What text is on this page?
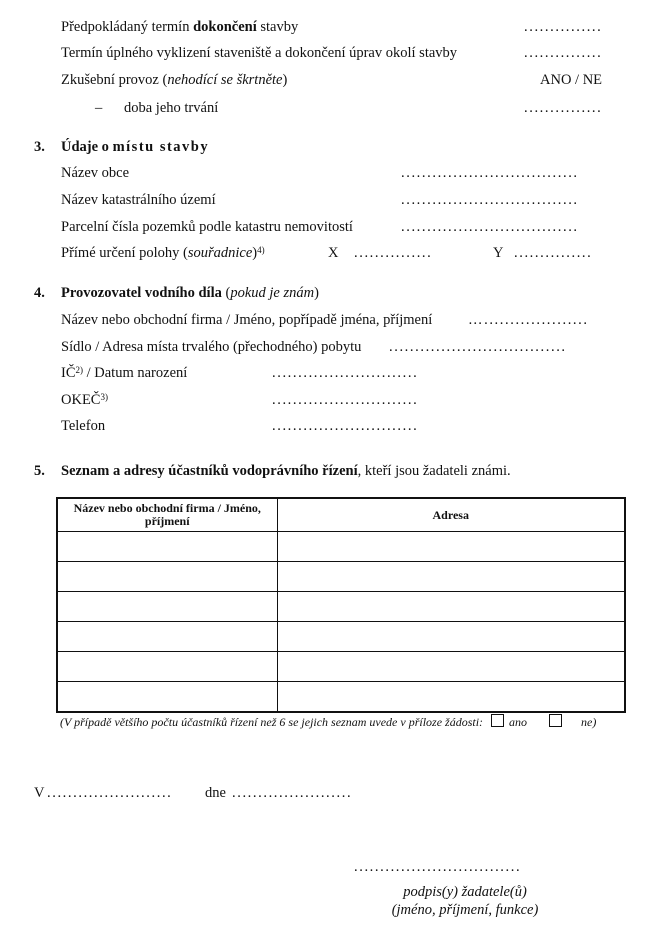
Předpokládaný termín dokončení stavby	...............
Termín úplného vyklizení staveniště a dokončení úprav okolí stavby	...............
Zkušební provoz (nehodící se škrtněte)	ANO / NE
– doba jeho trvání	...............
3. Údaje o místu stavby
Název obce	..................................
Název katastrálního území	..................................
Parcelní čísla pozemků podle katastru nemovitostí	..................................
Přímé určení polohy (souřadnice)$^{4)}$	X ...............	Y ...............
4. Provozovatel vodního díla (pokud je znám)
Název nebo obchodní firma / Jméno, popřípadě jména, příjmení …....................
Sídlo / Adresa místa trvalého (přechodného) pobytu ..................................
IČ$^{2)}$ / Datum narození	............................
OKEČ$^{3)}$	............................
Telefon	............................
5. Seznam a adresy účastníků vodoprávního řízení, kteří jsou žadateli známi.
Název nebo obchodní firma / Jméno, příjmení	Adresa

(V případě většího počtu účastníků řízení než 6 se jejich seznam uvede v příloze žádosti: ano	ne)
V ........................ dne .......................
................................
podpis(y) žadatele(ů)
(jméno, příjmení, funkce)
